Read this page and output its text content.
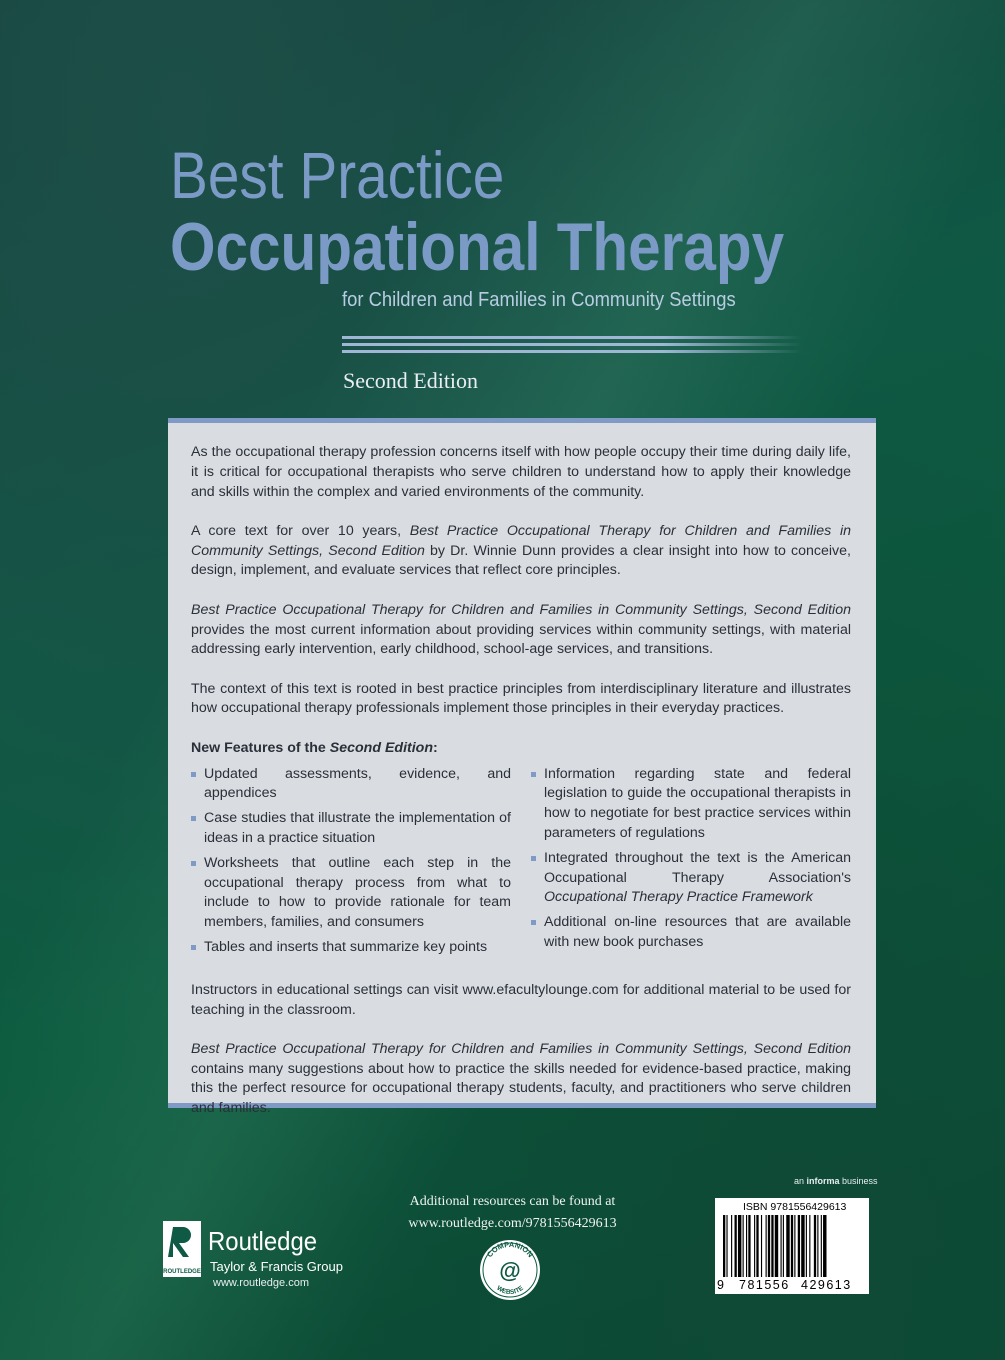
Best Practice
Occupational Therapy
for Children and Families in Community Settings
Second Edition

As the occupational therapy profession concerns itself with how people occupy their time during daily life, it is critical for occupational therapists who serve children to understand how to apply their knowledge and skills within the complex and varied environments of the community.

A core text for over 10 years, Best Practice Occupational Therapy for Children and Families in Community Settings, Second Edition by Dr. Winnie Dunn provides a clear insight into how to conceive, design, implement, and evaluate services that reflect core principles.

Best Practice Occupational Therapy for Children and Families in Community Settings, Second Edition provides the most current information about providing services within community settings, with material addressing early intervention, early childhood, school-age services, and transitions.

The context of this text is rooted in best practice principles from interdisciplinary literature and illustrates how occupational therapy professionals implement those principles in their everyday practices.

New Features of the Second Edition:
Updated assessments, evidence, and appendices
Case studies that illustrate the implementation of ideas in a practice situation
Worksheets that outline each step in the occupational therapy process from what to include to how to provide rationale for team members, families, and consumers
Tables and inserts that summarize key points
Information regarding state and federal legislation to guide the occupational therapists in how to negotiate for best practice services within parameters of regulations
Integrated throughout the text is the American Occupational Therapy Association's Occupational Therapy Practice Framework
Additional on-line resources that are available with new book purchases

Instructors in educational settings can visit www.efacultylounge.com for additional material to be used for teaching in the classroom.

Best Practice Occupational Therapy for Children and Families in Community Settings, Second Edition contains many suggestions about how to practice the skills needed for evidence-based practice, making this the perfect resource for occupational therapy students, faculty, and practitioners who serve children and families.

an informa business
ISBN 9781556429613
9 781556 429613
Additional resources can be found at
www.routledge.com/9781556429613
COMPANION
WEBSITE
@
ROUTLEDGE
Routledge
Taylor & Francis Group
www.routledge.com
